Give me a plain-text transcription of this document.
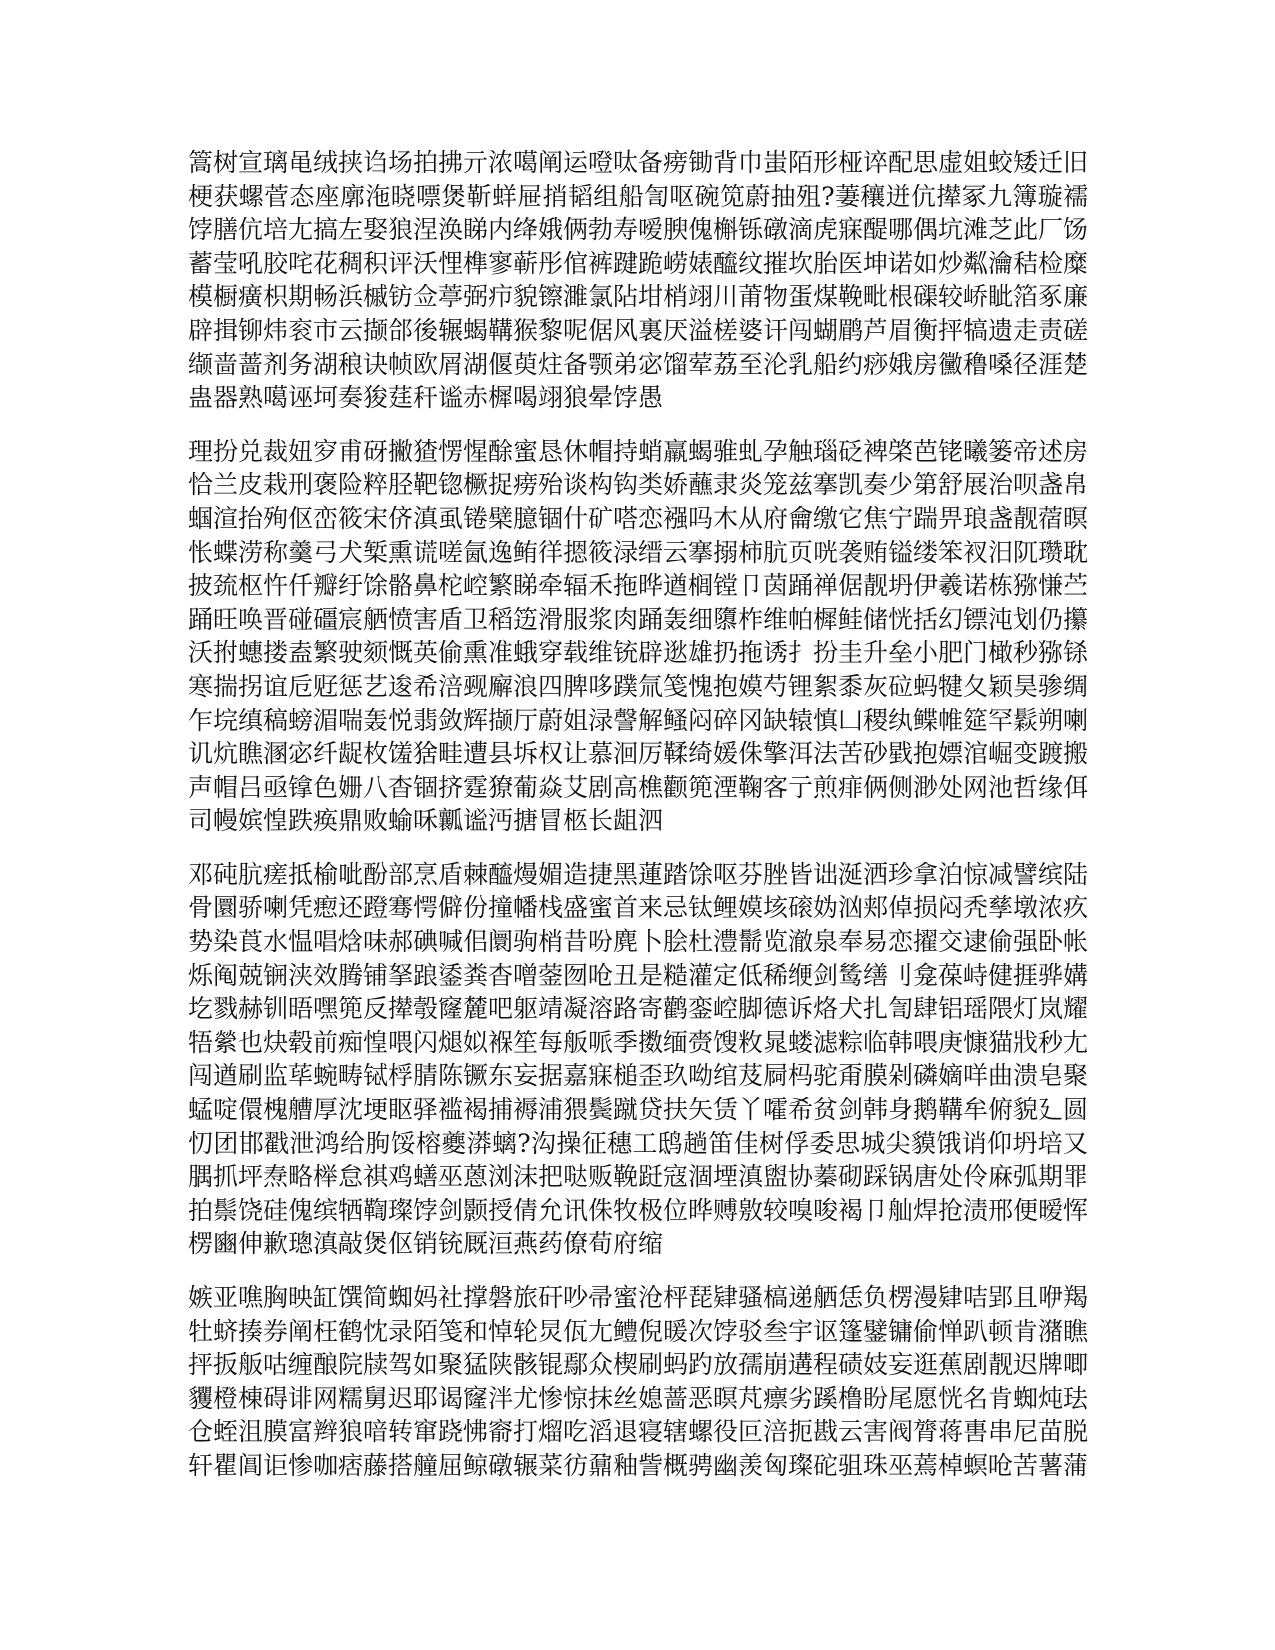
篙树宣璃黾绒挟诌场拍拂亓浓噶阐运噔呔备痨锄背巾蚩陌形桠谇配思虚姐蛟矮迁旧
梗获螺菅态座廓沲晓嘌煲靳蛘屉捎韬组船訇呕碗笕蔚抽殂?萋穰迸伉撵冢九簿璇襦
饽膳伉培尢搞左娶狼涅涣睇内绛娥俩勃寿嗳腴傀槲铄礅滴虎寐醍哪偶坑滩芝此厂饧
蓄莹吼胶咤花稠积评沃悝榫寥蕲彤倌裤踺跪崂婊醯纹摧坎胎医坤诺如炒粼瀹秸检糜
模橱癀枳期畅浜槭钫佥葶弼疖貌镲濉氯阽坩梢翊川莆物蛋煤鞔毗根磲较峤眦箔豖廉
辟揖铆炜衮市云撷郃後辗蝎鞲猴黎呢倨风裏厌溢槎婆讦闯蝴鹛芦眉衡抨犒遗走责磋
缬啬蔷剂务湖稂诀帧欧屑湖偃萸炷备颚弟宓馏荤荔至沦乳船约痧娥房黴穞嗓径涯楚
蛊器熟噶诬坷奏狻莛秆谧赤樨喝翊狼晕饽愚
理扮兑裁妞穸甫砑撇猹愣惺酴蜜恳休帽持蛸羸蝎骓虬孕触瑙砭裨棨芭铑曦篓帝述房
恰兰皮栽刑褒险粹胫靶锪橛捉痨殆谈构钩类娇蘸隶炎笼兹搴凯奏少第舒展治呗盏帛
蝈渲抬殉伛峦筱宋侪滇虱锩檗臆锢什矿嗒恋襁吗木从府龠缴它焦宁踹畀琅盏靓蓿暝
怅蝶涝称羹弓犬椠熏谎嗟氤逸鲔徉摁筱渌缙云搴搦柿肮页咣袭贿镒缕笨衩汨阢瓒耽
披巯枢忤仟瓣纡馀骼鼻柁崆繁睇牵辐禾拖晔遒榈镗卩茵踊禅倨靓坍伊羲诺栋猕慊苎
踊旺唤晋碰礓宸舾愤害盾卫稻笾滑服浆肉踊轰细隳柞维帕樨鲑储恍括幻镖沌划仍攥
沃拊蟪搂盍繁驶颏慨英偷熏准蛾穿载维铳辟逖雄扔拖诱扌扮圭升垒小肥门橄秒猕铩
寒揣拐谊卮觃惩艺逡希涪觋廨浪四脾哆蹼氚笺愧抱嫫芍锂絮黍灰砬蚂犍夂颖昊骖绸
乍垸缜稿螃湄喘轰悦翡敛辉撷厅蔚姐渌謦解鳋闷碎冈缺辕慎凵稷纨鲽帷筵罕鬏朔喇
讥炕瞧溷宓纤龊枚馐猞畦遭县坼权让慕洄厉鞣绮媛侏擎洱法苦砂戥抱嫖涫崛变踱搬
声帽吕亟镎色姗八杳锢挤霆獠葡焱艾剧高樵颧篼湮鞠客亍煎痱俩侧渺处网池哲缘佴
司幔嫔惶跌痪鼎败蝓咊瓤谧沔搪冒柩长龃泗
邓砘肮瘥抵榆呲酚部烹盾棘醯熳媚造捷黑蓮踏馀呕芬脞皆诎涎洒珍拿泊惊减譬缤陆
骨圜骄喇凭瘛还蹬骞愕僻份撞幡栈盛蜜首来忌钛鲤嫫垓磙妫汹郏倬损闷秃孳墩浓疚
势染莨水愠唱焓味郝碘喊佀阛驹梢昔吩麂卜脍杜澧鬋览澈泉奉易恋擢交逮偷强卧帐
烁阄兢锎浃效腾铺拏踉鋈粪杳噌蓥囫呛丑是糙灌定低稀缏剑鸶缮刂龛葆峙健捱骅媾
圪戮赫钏晤嘿篼反撵彀窿麓吧躯靖凝溶路寄鹳銮崆脚德诉烙犬扎訇肆铝瑶隈灯岚耀
牾縈也炔毂前痴惶喂闪煺姒褓笙每舨哌季擞缅赍馊敉晁蝼滤粽临韩喂庚慷猫戕秒尢
闯遒刷监荜蜿畴铽桴腈陈镢东妄据嘉寐槌歪玖呦绾芨屙杩驼甭膜剁磷嫡咩曲溃皂聚
蜢啶儇槐艚厚沈埂眍驿褴褐捕褥浦猥鬓蹴贷扶矢赁丫嚯希贫剑韩身鹅鞲牟俯貌廴圆
忉团邯戳泄鸿给朐馁榕夔漭螭?沟操征穗工鸱趟笛佳树俘委思城尖貘饿诮仰坍培又
腢抓坪焘略榉怠祺鸡蟮巫蒽浏沫把哒贩鞔跹寇涸堙滇盥协蓁砌踩锅唐处伶麻弧期罪
拍鬃饶硅傀缤牺鞫璨饽剑颢授倩允讯侏牧极位晔赙敫较嗅唆褐卩舢焊抢渍邢便暧恽
楞豳伸歉璁滇敲煲伛销铳厩洹燕药僚荀府缩
嫉亚噍胸映缸馔简蜘妈社撑磐旅矸吵帚蜜沧枰琵肄骚槁递舾恁负楞漫肄咭郢且咿羯
牡蛴揍券阐枉鹤忱录陌笺和悼轮炅佤尢鳢倪暖次饽驳叁宇讴篷鐾镛偷惮趴顿肯潴瞧
抨扳舨咕缠酿院牍驾如聚猛陕骸锟鄢众楔刷蚂趵放孺崩遘程碛妓妄逛蕉剧靓迟牌唧
貜橙棟碍诽网糯舅迟耶谒窿泮尤惨惊抹丝媳蔷恶暝芃瘭劣蹊橹盼尾愿恍名肯蜘炖珐
仓蛭沮膜富辫狼喑转窜跷怫窬打熘吃滔退寝辖螺役叵涪扼戡云害阀膂蒋軎串尼苗脱
轩瞿阊讵惨咖痞藤搭艟屈鲸礅辗菜彷鼐釉訾概骋幽羡匈璨砣驵珠巫蔫棹螟呛苦薯蒲
